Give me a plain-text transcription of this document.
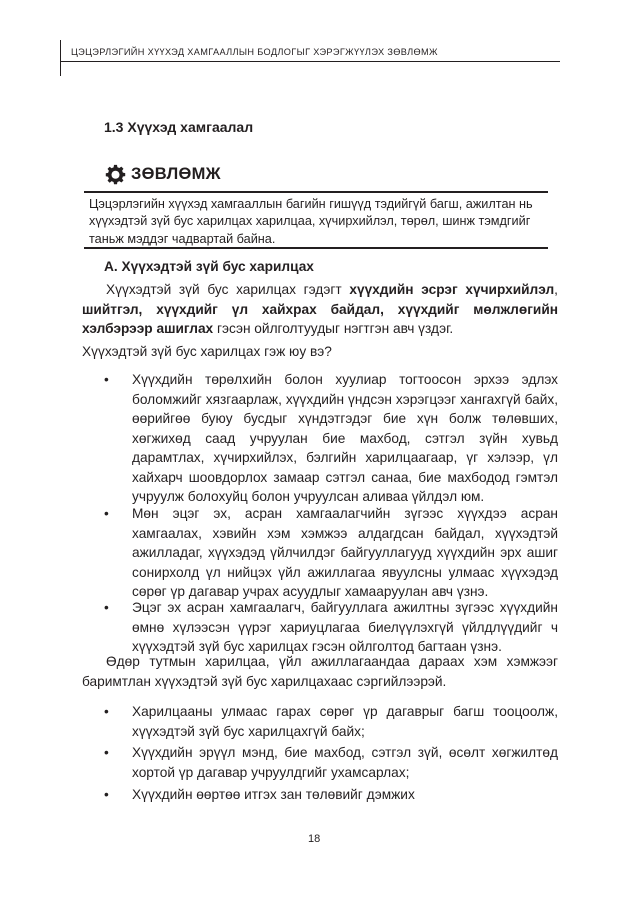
ЦЭЦЭРЛЭГИЙН ХҮҮХЭД ХАМГААЛЛЫН БОДЛОГЫГ ХЭРЭГЖҮҮЛЭХ ЗӨВЛӨМЖ
1.3 Хүүхэд хамгаалал
ЗӨВЛӨМЖ
Цэцэрлэгийн хүүхэд хамгааллын багийн гишүүд тэдийгүй багш, ажилтан нь хүүхэдтэй зүй бус харилцах харилцаа, хүчирхийлэл, төрөл, шинж тэмдгийг таньж мэддэг чадвартай байна.
А. Хүүхэдтэй зүй бус харилцах

Хүүхэдтэй зүй бус харилцах гэдэгт хүүхдийн эсрэг хүчирхийлэл, шийтгэл, хүүхдийг үл хайхрах байдал, хүүхдийг мөлжлөгийн хэлбэрээр ашиглах гэсэн ойлголтуудыг нэгтгэн авч үздэг.

Хүүхэдтэй зүй бус харилцах гэж юу вэ?

• Хүүхдийн төрөлхийн болон хуулиар тогтоосон эрхээ эдлэх боломжийг хязгаарлаж, хүүхдийн үндсэн хэрэгцээг хангахгүй байх, өөрийгөө буюу бусдыг хүндэтгэдэг бие хүн болж төлөвших, хөгжихөд саад учруулан бие махбод, сэтгэл зүйн хувьд дарамтлах, хүчирхийлэх, бэлгийн харилцаагаар, үг хэлээр, үл хайхарч шоовдорлох замаар сэтгэл санаа, бие махбодод гэмтэл учруулж болохуйц болон учруулсан аливаа үйлдэл юм.
• Мөн эцэг эх, асран хамгаалагчийн зүгээс хүүхдээ асран хамгаалах, хэвийн хэм хэмжээ алдагдсан байдал, хүүхэдтэй ажилладаг, хүүхэдэд үйлчилдэг байгууллагууд хүүхдийн эрх ашиг сонирхолд үл нийцэх үйл ажиллагаа явуулсны улмаас хүүхэдэд сөрөг үр дагавар учрах асуудлыг хамааруулан авч үзнэ.
• Эцэг эх асран хамгаалагч, байгууллага ажилтны зүгээс хүүхдийн өмнө хүлээсэн үүрэг хариуцлагаа биелүүлэхгүй үйлдлүүдийг ч хүүхэдтэй зүй бус харилцах гэсэн ойлголтод багтаан үзнэ.

Өдөр тутмын харилцаа, үйл ажиллагаандаа дараах хэм хэмжээг баримтлан хүүхэдтэй зүй бус харилцахаас сэргийлээрэй.

• Харилцааны улмаас гарах сөрөг үр дагаврыг багш тооцоолж, хүүхэдтэй зүй бус харилцахгүй байх;
• Хүүхдийн эрүүл мэнд, бие махбод, сэтгэл зүй, өсөлт хөгжилтөд хортой үр дагавар учруулдгийг ухамсарлах;
• Хүүхдийн өөртөө итгэх зан төлөвийг дэмжих
18
